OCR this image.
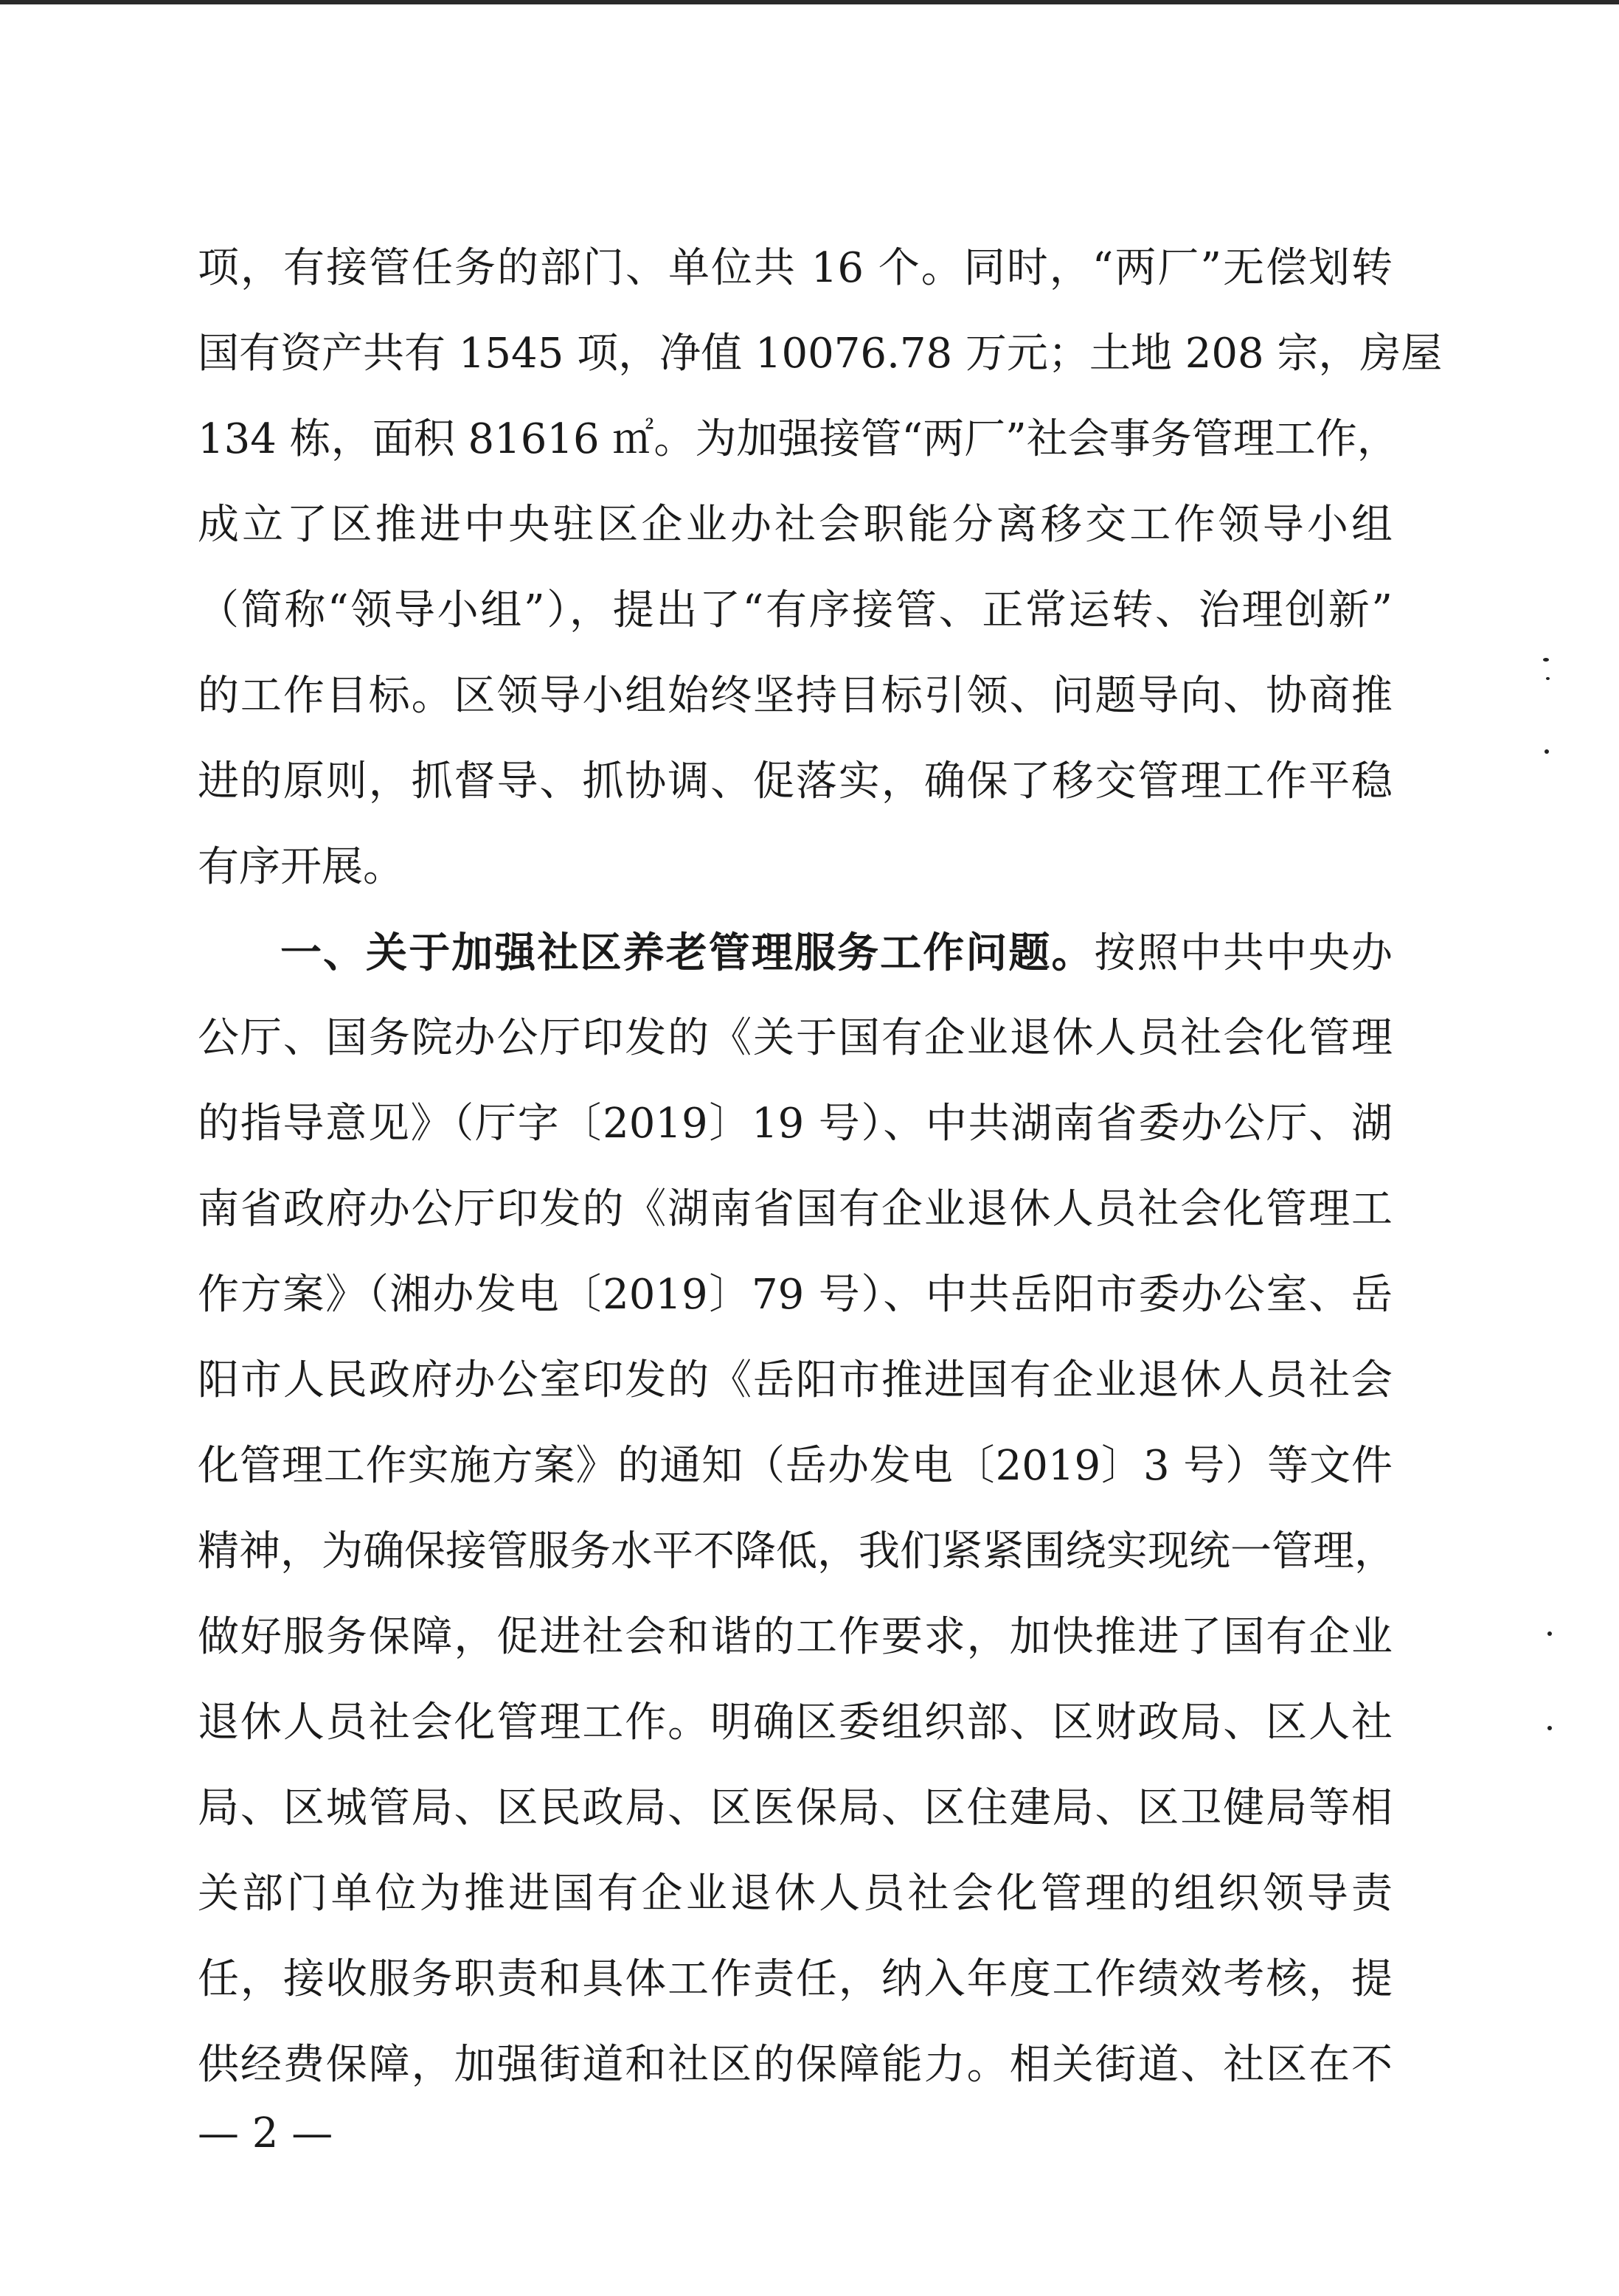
项，有接管任务的部门、单位共 16 个。同时，“两厂”无偿划转
国有资产共有 1545 项，净值 10076.78 万元；土地 208 宗，房屋
134 栋，面积 81616 ㎡。为加强接管“两厂”社会事务管理工作，
成立了区推进中央驻区企业办社会职能分离移交工作领导小组
（简称“领导小组”），提出了“有序接管、正常运转、治理创新”
的工作目标。区领导小组始终坚持目标引领、问题导向、协商推
进的原则，抓督导、抓协调、促落实，确保了移交管理工作平稳
有序开展。
一、关于加强社区养老管理服务工作问题。按照中共中央办
公厅、国务院办公厅印发的《关于国有企业退休人员社会化管理
的指导意见》（厅字〔2019〕19 号）、中共湖南省委办公厅、湖
南省政府办公厅印发的《湖南省国有企业退休人员社会化管理工
作方案》（湘办发电〔2019〕79 号）、中共岳阳市委办公室、岳
阳市人民政府办公室印发的《岳阳市推进国有企业退休人员社会
化管理工作实施方案》的通知（岳办发电〔2019〕3 号）等文件
精神，为确保接管服务水平不降低，我们紧紧围绕实现统一管理，
做好服务保障，促进社会和谐的工作要求，加快推进了国有企业
退休人员社会化管理工作。明确区委组织部、区财政局、区人社
局、区城管局、区民政局、区医保局、区住建局、区卫健局等相
关部门单位为推进国有企业退休人员社会化管理的组织领导责
任，接收服务职责和具体工作责任，纳入年度工作绩效考核，提
供经费保障，加强街道和社区的保障能力。相关街道、社区在不
— 2 —
